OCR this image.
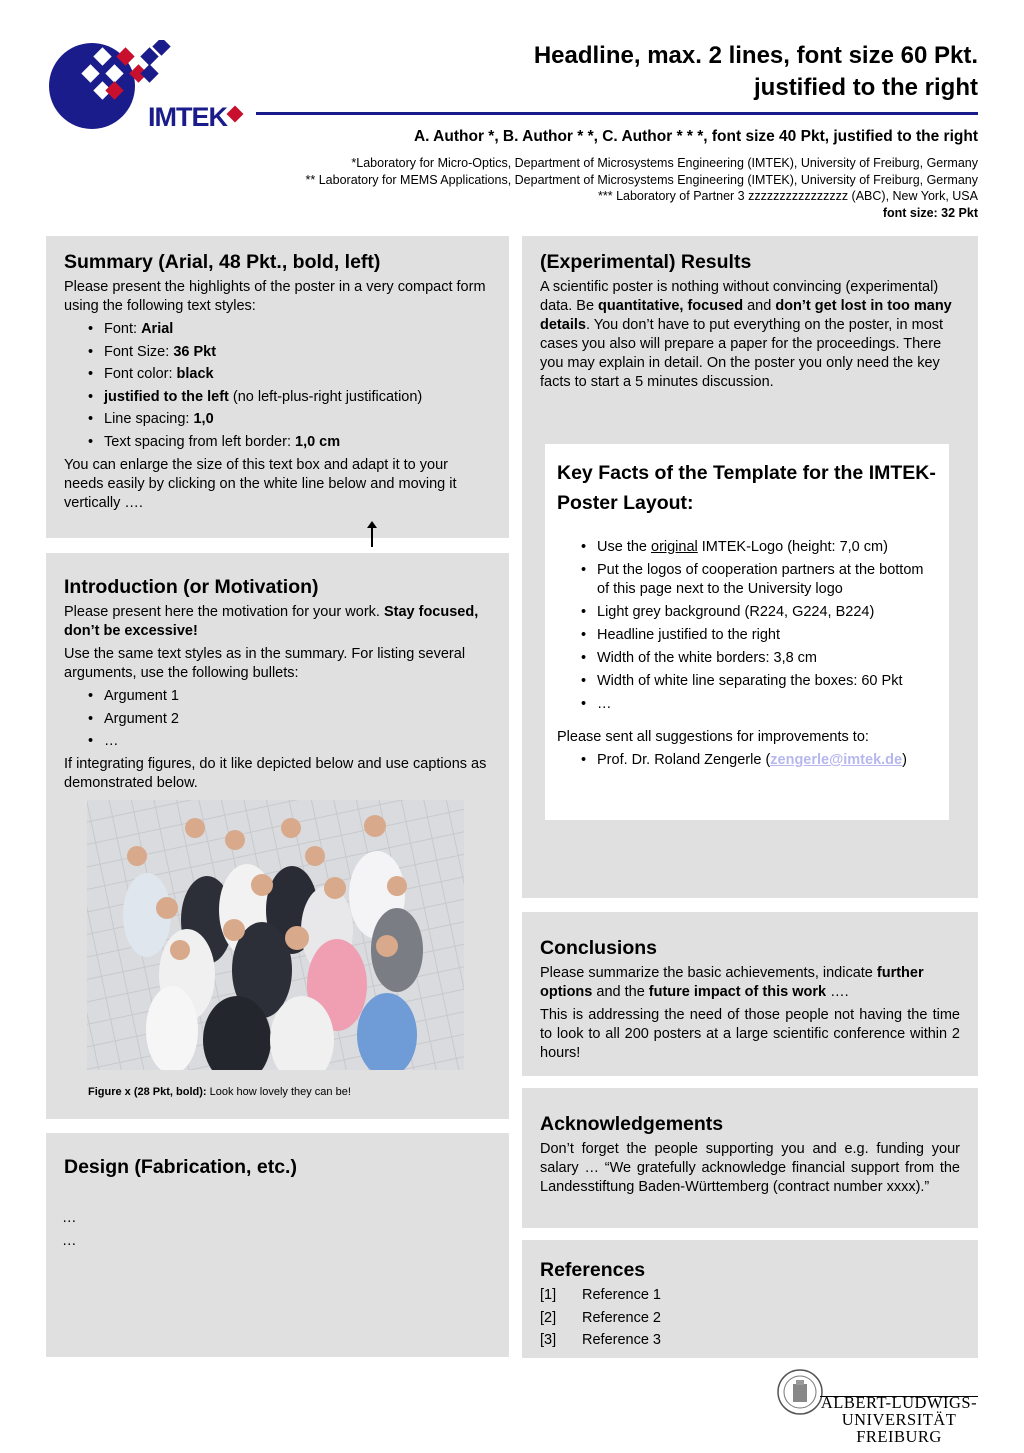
IMTEK
Headline, max. 2 lines, font size 60 Pkt.
justified to the right
A. Author *, B. Author * *, C. Author * * *, font size 40 Pkt, justified to the right
*Laboratory for Micro-Optics, Department of Microsystems Engineering (IMTEK), University of Freiburg, Germany
** Laboratory for MEMS Applications, Department of Microsystems Engineering (IMTEK), University of Freiburg, Germany
*** Laboratory of Partner 3 zzzzzzzzzzzzzzzz (ABC), New York, USA
font size: 32 Pkt
Summary (Arial, 48 Pkt., bold, left)

Please present the highlights of the poster in a very compact form using the following text styles:

• Font: Arial
• Font Size: 36 Pkt
• Font color: black
• justified to the left (no left-plus-right justification)
• Line spacing: 1,0
• Text spacing from left border: 1,0 cm

You can enlarge the size of this text box and adapt it to your needs easily by clicking on the white line below and moving it vertically ….

Introduction (or Motivation)

Please present here the motivation for your work. Stay focused, don’t be excessive!

Use the same text styles as in the summary. For listing several arguments, use the following bullets:

• Argument 1
• Argument 2
• …

If integrating figures, do it like depicted below and use captions as demonstrated below.

Figure x (28 Pkt, bold): Look how lovely they can be!
Design (Fabrication, etc.)

…

…

(Experimental) Results

A scientific poster is nothing without convincing (experimental) data. Be quantitative, focused and don’t get lost in too many details. You don’t have to put everything on the poster, in most cases you also will prepare a paper for the proceedings. There you may explain in detail. On the poster you only need the key facts to start a 5 minutes discussion.

Key Facts of the Template for the IMTEK-Poster Layout:
• Use the original IMTEK-Logo (height: 7,0 cm)
• Put the logos of cooperation partners at the bottom of this page next to the University logo
• Light grey background (R224, G224, B224)
• Headline justified to the right
• Width of the white borders: 3,8 cm
• Width of white line separating the boxes: 60 Pkt
• …

Please sent all suggestions for improvements to:

• Prof. Dr. Roland Zengerle (zengerle@imtek.de)
Conclusions

Please summarize the basic achievements, indicate further options and the future impact of this work ….

This is addressing the need of those people not having the time to look to all 200 posters at a large scientific conference within 2 hours!

Acknowledgements

Don’t forget the people supporting you and e.g. funding your salary … “We gratefully acknowledge financial support from the Landesstiftung Baden-Württemberg (contract number xxxx).”

References
[1]	Reference 1
[2]	Reference 2
[3]	Reference 3
ALBERT-LUDWIGS-
UNIVERSITÄT FREIBURG
